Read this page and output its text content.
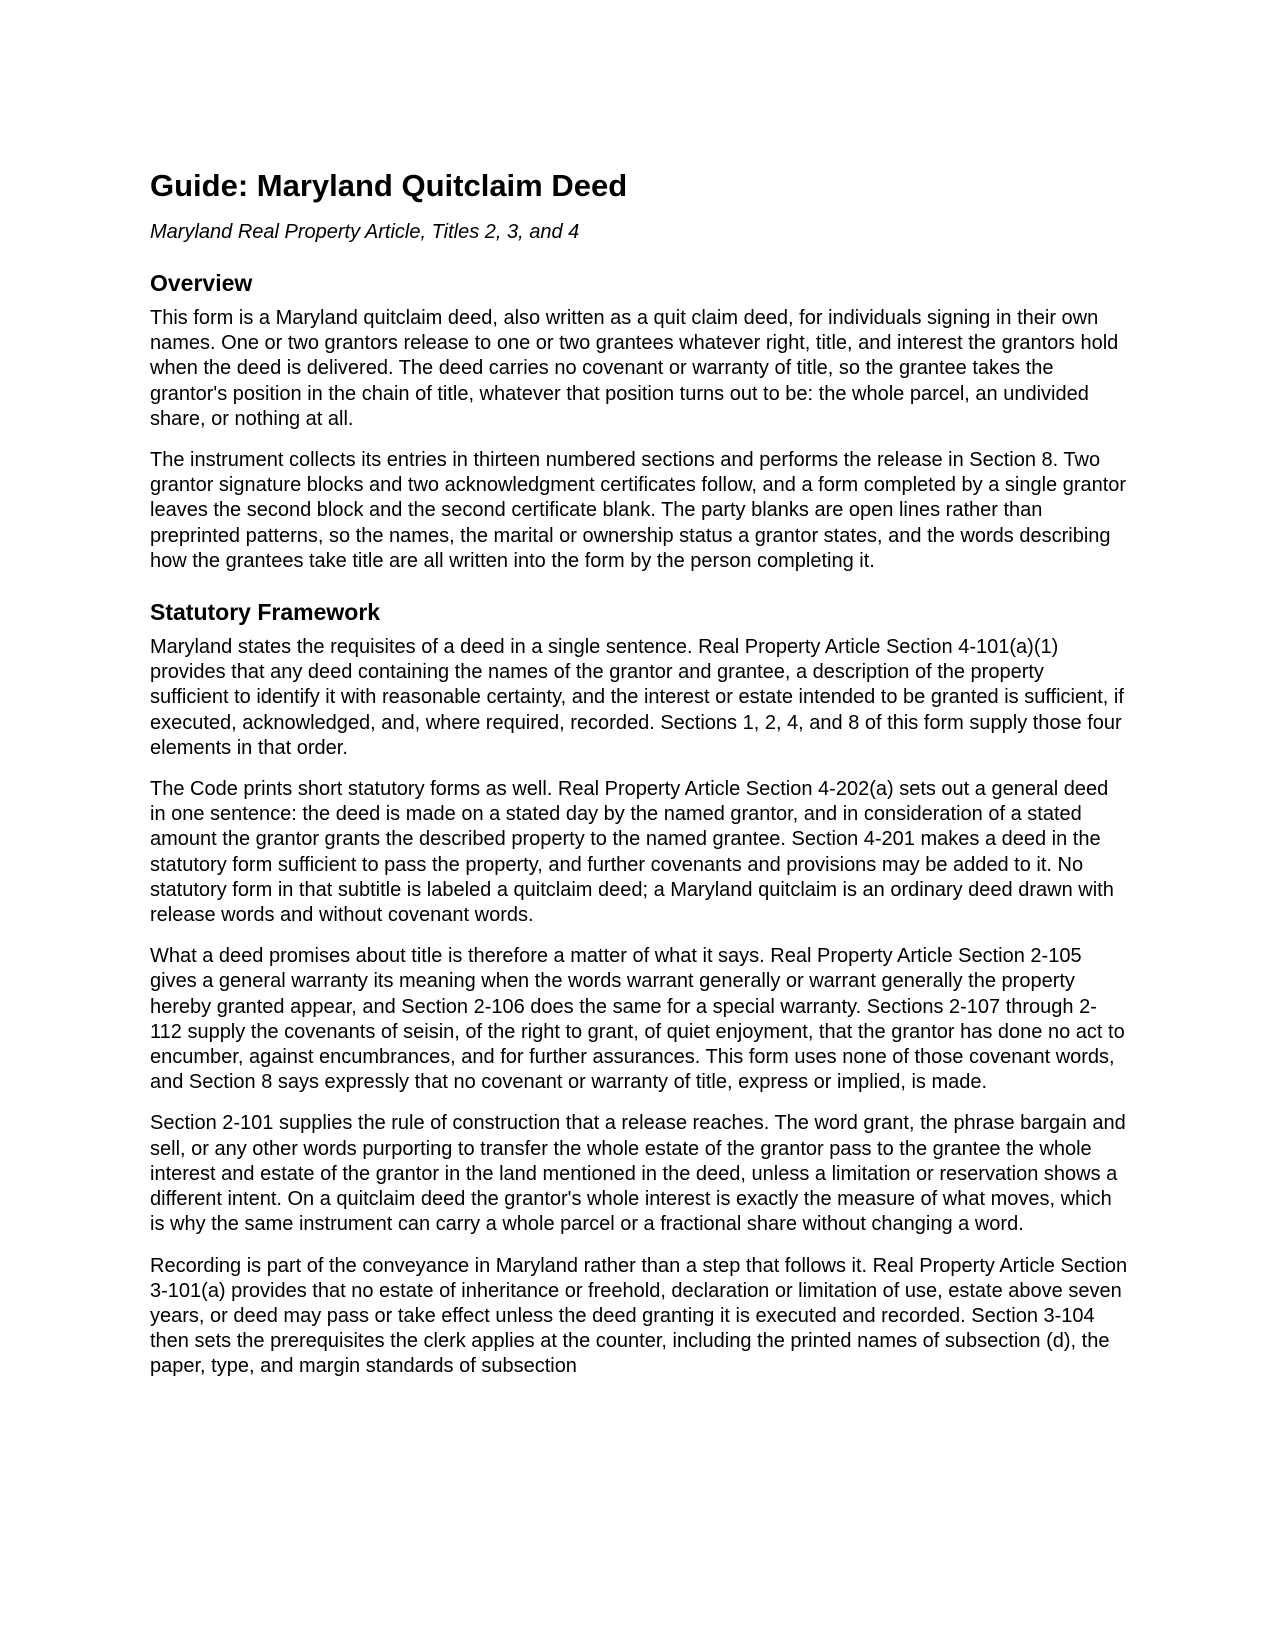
Guide: Maryland Quitclaim Deed
Maryland Real Property Article, Titles 2, 3, and 4
Overview

This form is a Maryland quitclaim deed, also written as a quit claim deed, for individuals signing in their own names. One or two grantors release to one or two grantees whatever right, title, and interest the grantors hold when the deed is delivered. The deed carries no covenant or warranty of title, so the grantee takes the grantor's position in the chain of title, whatever that position turns out to be: the whole parcel, an undivided share, or nothing at all.

The instrument collects its entries in thirteen numbered sections and performs the release in Section 8. Two grantor signature blocks and two acknowledgment certificates follow, and a form completed by a single grantor leaves the second block and the second certificate blank. The party blanks are open lines rather than preprinted patterns, so the names, the marital or ownership status a grantor states, and the words describing how the grantees take title are all written into the form by the person completing it.

Statutory Framework

Maryland states the requisites of a deed in a single sentence. Real Property Article Section 4-101(a)(1) provides that any deed containing the names of the grantor and grantee, a description of the property sufficient to identify it with reasonable certainty, and the interest or estate intended to be granted is sufficient, if executed, acknowledged, and, where required, recorded. Sections 1, 2, 4, and 8 of this form supply those four elements in that order.

The Code prints short statutory forms as well. Real Property Article Section 4-202(a) sets out a general deed in one sentence: the deed is made on a stated day by the named grantor, and in consideration of a stated amount the grantor grants the described property to the named grantee. Section 4-201 makes a deed in the statutory form sufficient to pass the property, and further covenants and provisions may be added to it. No statutory form in that subtitle is labeled a quitclaim deed; a Maryland quitclaim is an ordinary deed drawn with release words and without covenant words.

What a deed promises about title is therefore a matter of what it says. Real Property Article Section 2-105 gives a general warranty its meaning when the words warrant generally or warrant generally the property hereby granted appear, and Section 2-106 does the same for a special warranty. Sections 2-107 through 2-112 supply the covenants of seisin, of the right to grant, of quiet enjoyment, that the grantor has done no act to encumber, against encumbrances, and for further assurances. This form uses none of those covenant words, and Section 8 says expressly that no covenant or warranty of title, express or implied, is made.

Section 2-101 supplies the rule of construction that a release reaches. The word grant, the phrase bargain and sell, or any other words purporting to transfer the whole estate of the grantor pass to the grantee the whole interest and estate of the grantor in the land mentioned in the deed, unless a limitation or reservation shows a different intent. On a quitclaim deed the grantor's whole interest is exactly the measure of what moves, which is why the same instrument can carry a whole parcel or a fractional share without changing a word.

Recording is part of the conveyance in Maryland rather than a step that follows it. Real Property Article Section 3-101(a) provides that no estate of inheritance or freehold, declaration or limitation of use, estate above seven years, or deed may pass or take effect unless the deed granting it is executed and recorded. Section 3-104 then sets the prerequisites the clerk applies at the counter, including the printed names of subsection (d), the paper, type, and margin standards of subsection
